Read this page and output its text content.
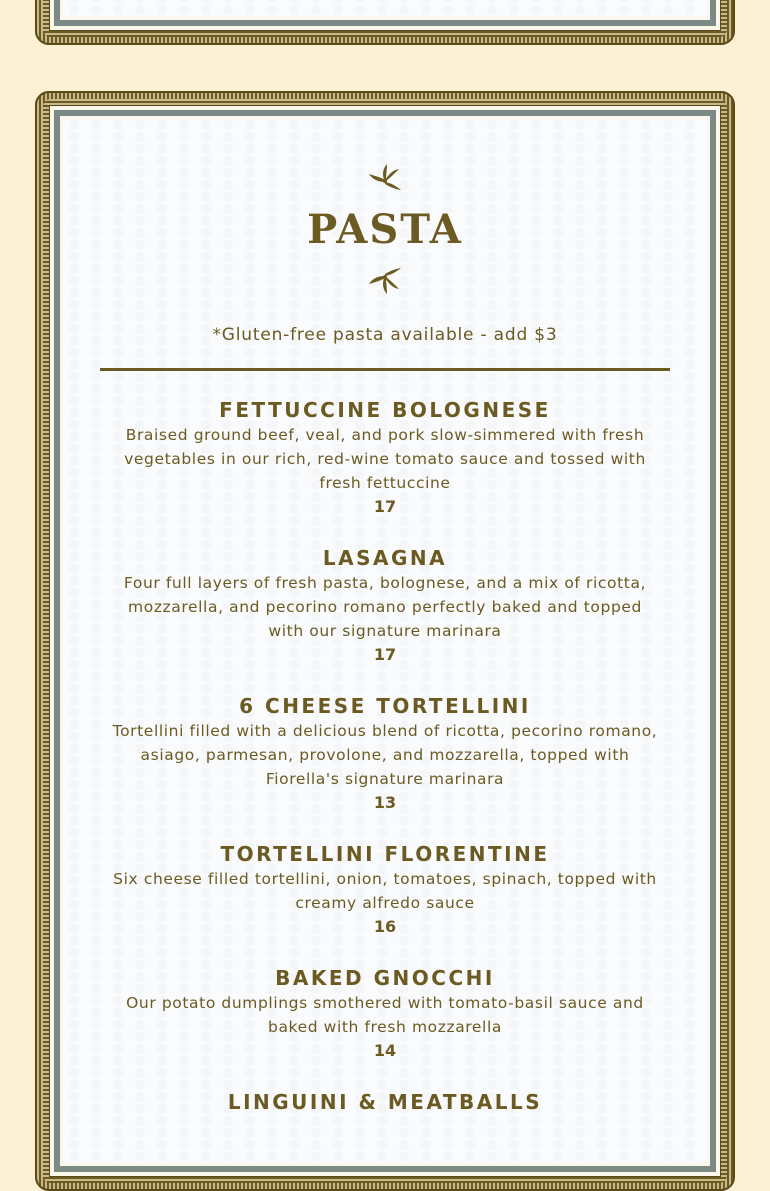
PASTA
*Gluten-free pasta available - add $3
FETTUCCINE BOLOGNESE
Braised ground beef, veal, and pork slow-simmered with fresh vegetables in our rich, red-wine tomato sauce and tossed with fresh fettuccine
17
LASAGNA
Four full layers of fresh pasta, bolognese, and a mix of ricotta, mozzarella, and pecorino romano perfectly baked and topped with our signature marinara
17
6 CHEESE TORTELLINI
Tortellini filled with a delicious blend of ricotta, pecorino romano, asiago, parmesan, provolone, and mozzarella, topped with Fiorella's signature marinara
13
TORTELLINI FLORENTINE
Six cheese filled tortellini, onion, tomatoes, spinach, topped with creamy alfredo sauce
16
BAKED GNOCCHI
Our potato dumplings smothered with tomato-basil sauce and baked with fresh mozzarella
14
LINGUINI & MEATBALLS
